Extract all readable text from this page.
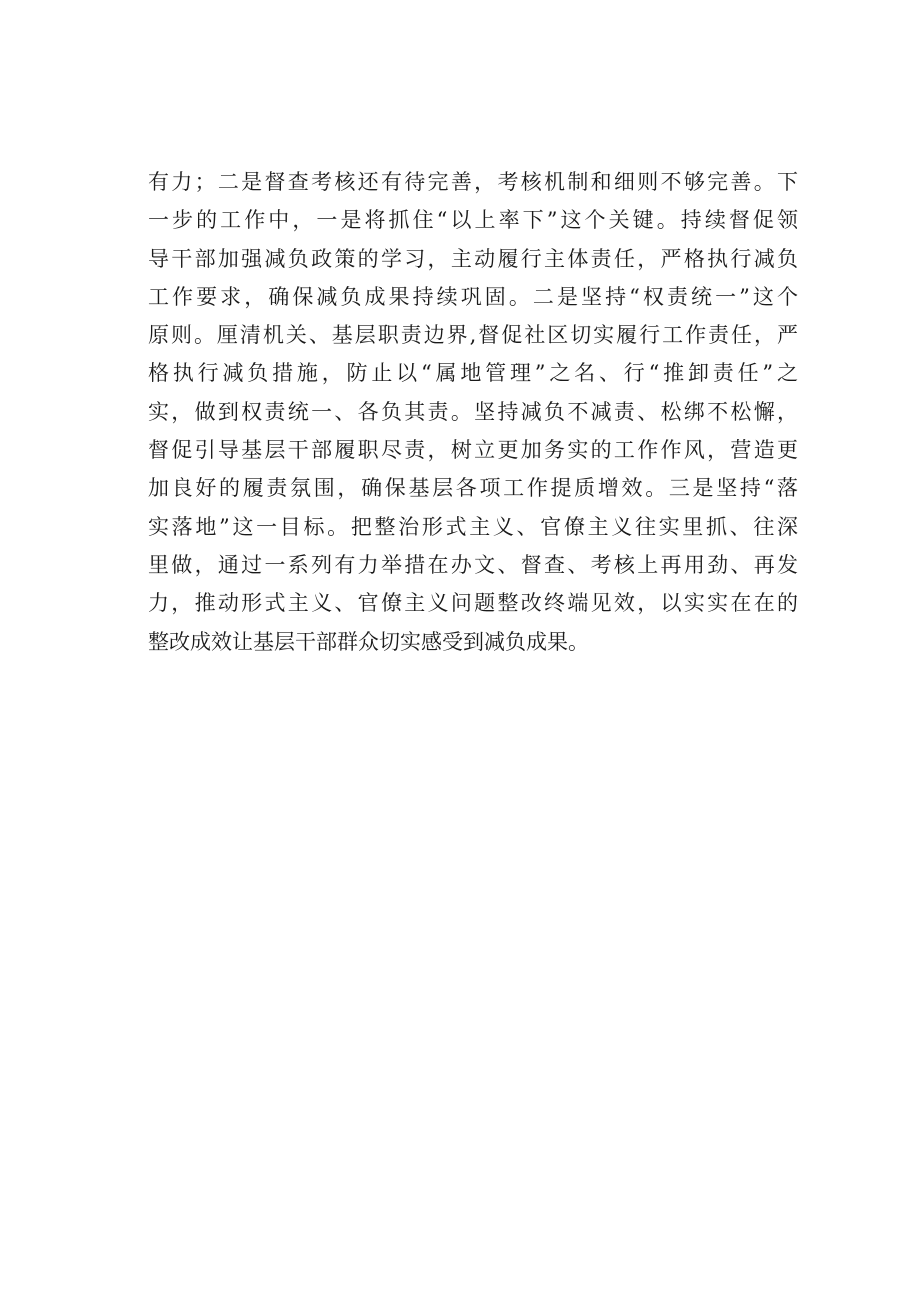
有力；二是督查考核还有待完善，考核机制和细则不够完善。下
一步的工作中，一是将抓住“以上率下”这个关键。持续督促领
导干部加强减负政策的学习，主动履行主体责任，严格执行减负
工作要求，确保减负成果持续巩固。二是坚持“权责统一”这个
原则。厘清机关、基层职责边界,督促社区切实履行工作责任，严
格执行减负措施，防止以“属地管理”之名、行“推卸责任”之
实，做到权责统一、各负其责。坚持减负不减责、松绑不松懈，
督促引导基层干部履职尽责，树立更加务实的工作作风，营造更
加良好的履责氛围，确保基层各项工作提质增效。三是坚持“落
实落地”这一目标。把整治形式主义、官僚主义往实里抓、往深
里做，通过一系列有力举措在办文、督查、考核上再用劲、再发
力，推动形式主义、官僚主义问题整改终端见效，以实实在在的
整改成效让基层干部群众切实感受到减负成果。
